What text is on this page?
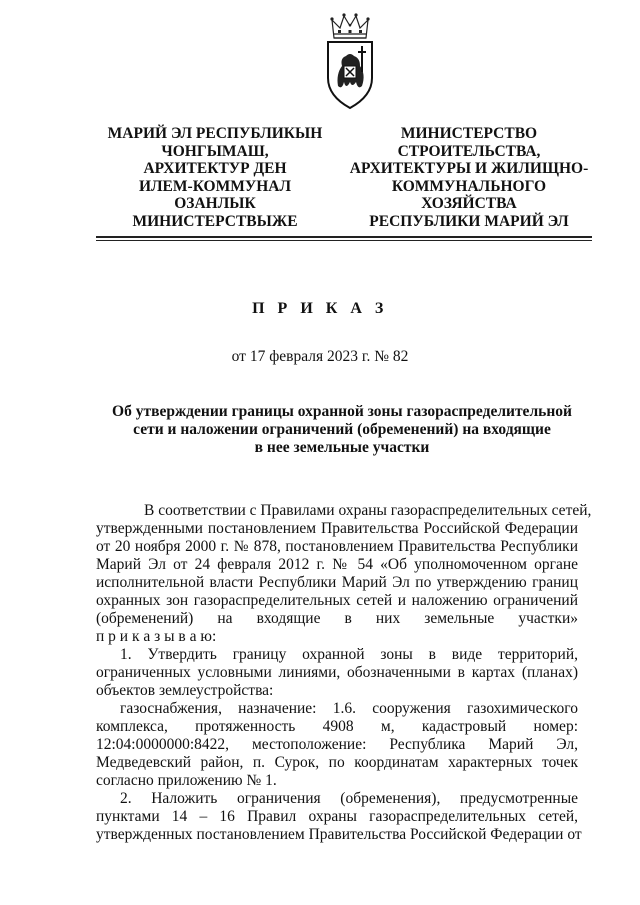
МАРИЙ ЭЛ РЕСПУБЛИКЫН
ЧОНГЫМАШ,
АРХИТЕКТУР ДЕН
ИЛЕМ-КОММУНАЛ
ОЗАНЛЫК
МИНИСТЕРСТВЫЖЕ
МИНИСТЕРСТВО
СТРОИТЕЛЬСТВА,
АРХИТЕКТУРЫ И ЖИЛИЩНО-
КОММУНАЛЬНОГО
ХОЗЯЙСТВА
РЕСПУБЛИКИ МАРИЙ ЭЛ
П Р И К А З
от 17 февраля 2023 г. № 82
Об утверждении границы охранной зоны газораспределительной
сети и наложении ограничений (обременений) на входящие
в нее земельные участки
В соответствии с Правилами охраны газораспределительных сетей,
утвержденными постановлением Правительства Российской Федерации
от 20 ноября 2000 г. № 878, постановлением Правительства Республики
Марий Эл от 24 февраля 2012 г. № 54 «Об уполномоченном органе
исполнительной власти Республики Марий Эл по утверждению границ
охранных зон газораспределительных сетей и наложению ограничений
(обременений) на входящие в них земельные участки»
п р и к а з ы в а ю:
1. Утвердить границу охранной зоны в виде территорий,
ограниченных условными линиями, обозначенными в картах (планах)
объектов землеустройства:
газоснабжения, назначение: 1.6. сооружения газохимического
комплекса, протяженность 4908 м, кадастровый номер:
12:04:0000000:8422, местоположение: Республика Марий Эл,
Медведевский район, п. Сурок, по координатам характерных точек
согласно приложению № 1.
2. Наложить ограничения (обременения), предусмотренные
пунктами 14 – 16 Правил охраны газораспределительных сетей,
утвержденных постановлением Правительства Российской Федерации от
